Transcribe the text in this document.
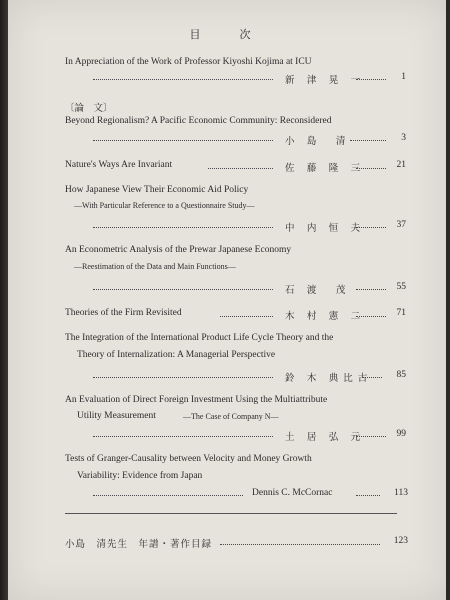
目　次
In Appreciation of the Work of Professor Kiyoshi Kojima at ICU
新 津 晃 一	1
〔論　文〕
Beyond Regionalism? A Pacific Economic Community: Reconsidered
小 島　清	3
Nature's Ways Are Invariant	佐 藤 隆 三	21
How Japanese View Their Economic Aid Policy
—With Particular Reference to a Questionnaire Study—
中 内 恒 夫	37
An Econometric Analysis of the Prewar Japanese Economy
—Reestimation of the Data and Main Functions—
石 渡　茂	55
Theories of the Firm Revisited	木 村 憲 二	71
The Integration of the International Product Life Cycle Theory and the
Theory of Internalization: A Managerial Perspective
鈴 木 典比古	85
An Evaluation of Direct Foreign Investment Using the Multiattribute
Utility Measurement	—The Case of Company N—
土 居 弘 元	99
Tests of Granger-Causality between Velocity and Money Growth
Variability: Evidence from Japan
Dennis C. McCornac	113
小島　清先生　年譜・著作目録	123
